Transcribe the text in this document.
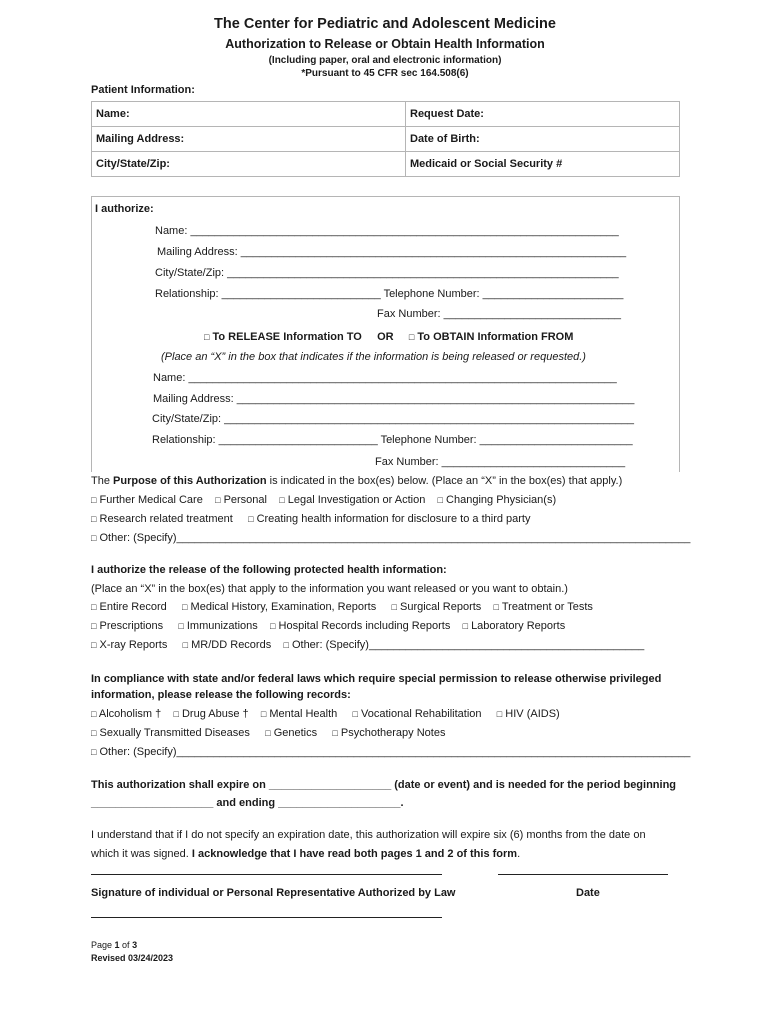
The Center for Pediatric and Adolescent Medicine
Authorization to Release or Obtain Health Information
(Including paper, oral and electronic information)
*Pursuant to 45 CFR sec 164.508(6)
Patient Information:
Name:	Request Date:
Mailing Address:	Date of Birth:
City/State/Zip:	Medicaid or Social Security #
I authorize:
Name: ______________________________________________________________________
Mailing Address: _______________________________________________________________
City/State/Zip: ________________________________________________________________
Relationship: __________________________ Telephone Number: _______________________
Fax Number: _____________________________
□ To RELEASE Information TO OR □ To OBTAIN Information FROM
(Place an “X” in the box that indicates if the information is being released or requested.)
Name: ______________________________________________________________________
Mailing Address: _________________________________________________________________
City/State/Zip: ___________________________________________________________________
Relationship: __________________________ Telephone Number: _________________________
Fax Number: ______________________________
The Purpose of this Authorization is indicated in the box(es) below. (Place an “X” in the box(es) that apply.)
□ Further Medical Care □ Personal □ Legal Investigation or Action □ Changing Physician(s)
□ Research related treatment □ Creating health information for disclosure to a third party
□ Other: (Specify)____________________________________________________________________________________
I authorize the release of the following protected health information:
(Place an “X” in the box(es) that apply to the information you want released or you want to obtain.)
□ Entire Record □ Medical History, Examination, Reports □ Surgical Reports □ Treatment or Tests
□ Prescriptions □ Immunizations □ Hospital Records including Reports □ Laboratory Reports
□ X-ray Reports □ MR/DD Records □ Other: (Specify)_____________________________________________
In compliance with state and/or federal laws which require special permission to release otherwise privileged
information, please release the following records:
□ Alcoholism † □ Drug Abuse † □ Mental Health □ Vocational Rehabilitation □ HIV (AIDS)
□ Sexually Transmitted Diseases □ Genetics □ Psychotherapy Notes
□ Other: (Specify)____________________________________________________________________________________
This authorization shall expire on ____________________ (date or event) and is needed for the period beginning
____________________ and ending ____________________.
I understand that if I do not specify an expiration date, this authorization will expire six (6) months from the date on
which it was signed. I acknowledge that I have read both pages 1 and 2 of this form.
Signature of individual or Personal Representative Authorized by Law	Date
Page 1 of 3
Revised 03/24/2023
